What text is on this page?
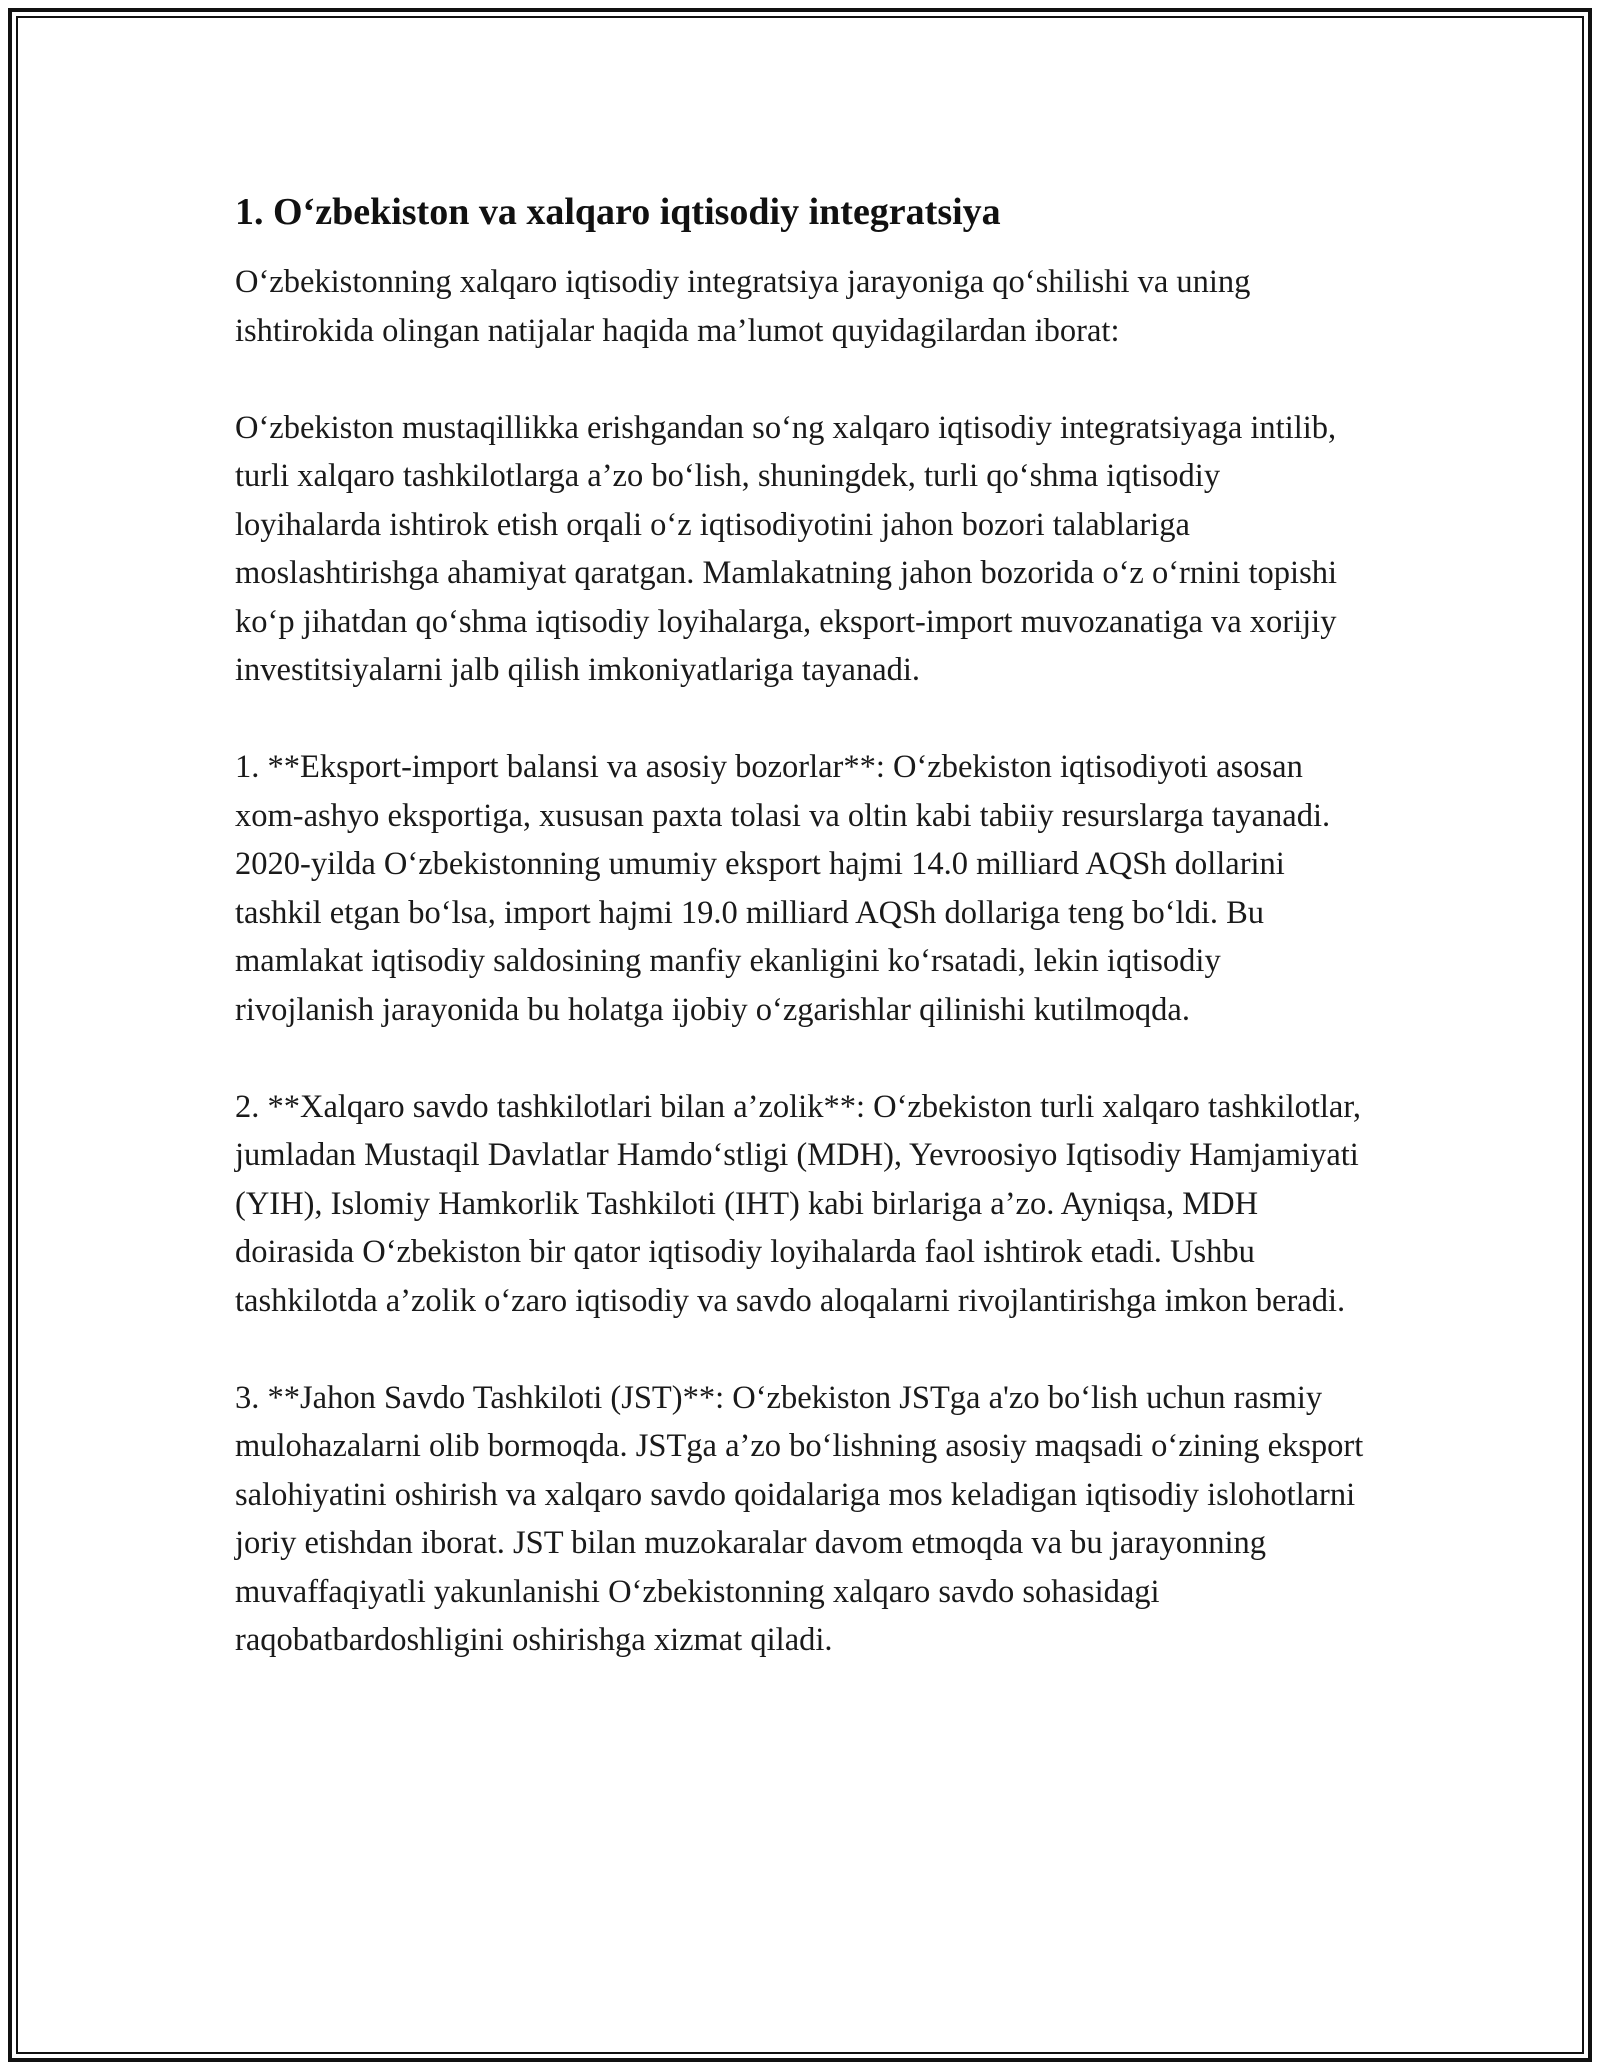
1. O‘zbekiston va xalqaro iqtisodiy integratsiya

O‘zbekistonning xalqaro iqtisodiy integratsiya jarayoniga qo‘shilishi va uning ishtirokida olingan natijalar haqida ma’lumot quyidagilardan iborat:

O‘zbekiston mustaqillikka erishgandan so‘ng xalqaro iqtisodiy integratsiyaga intilib, turli xalqaro tashkilotlarga a’zo bo‘lish, shuningdek, turli qo‘shma iqtisodiy loyihalarda ishtirok etish orqali o‘z iqtisodiyotini jahon bozori talablariga moslashtirishga ahamiyat qaratgan. Mamlakatning jahon bozorida o‘z o‘rnini topishi ko‘p jihatdan qo‘shma iqtisodiy loyihalarga, eksport-import muvozanatiga va xorijiy investitsiyalarni jalb qilish imkoniyatlariga tayanadi.

1. **Eksport-import balansi va asosiy bozorlar**: O‘zbekiston iqtisodiyoti asosan xom-ashyo eksportiga, xususan paxta tolasi va oltin kabi tabiiy resurslarga tayanadi. 2020-yilda O‘zbekistonning umumiy eksport hajmi 14.0 milliard AQSh dollarini tashkil etgan bo‘lsa, import hajmi 19.0 milliard AQSh dollariga teng bo‘ldi. Bu mamlakat iqtisodiy saldosining manfiy ekanligini ko‘rsatadi, lekin iqtisodiy rivojlanish jarayonida bu holatga ijobiy o‘zgarishlar qilinishi kutilmoqda.

2. **Xalqaro savdo tashkilotlari bilan a’zolik**: O‘zbekiston turli xalqaro tashkilotlar, jumladan Mustaqil Davlatlar Hamdo‘stligi (MDH), Yevroosiyo Iqtisodiy Hamjamiyati (YIH), Islomiy Hamkorlik Tashkiloti (IHT) kabi birlariga a’zo. Ayniqsa, MDH doirasida O‘zbekiston bir qator iqtisodiy loyihalarda faol ishtirok etadi. Ushbu tashkilotda a’zolik o‘zaro iqtisodiy va savdo aloqalarni rivojlantirishga imkon beradi.

3. **Jahon Savdo Tashkiloti (JST)**: O‘zbekiston JSTga a'zo bo‘lish uchun rasmiy mulohazalarni olib bormoqda. JSTga a’zo bo‘lishning asosiy maqsadi o‘zining eksport salohiyatini oshirish va xalqaro savdo qoidalariga mos keladigan iqtisodiy islohotlarni joriy etishdan iborat. JST bilan muzokaralar davom etmoqda va bu jarayonning muvaffaqiyatli yakunlanishi O‘zbekistonning xalqaro savdo sohasidagi raqobatbardoshligini oshirishga xizmat qiladi.
